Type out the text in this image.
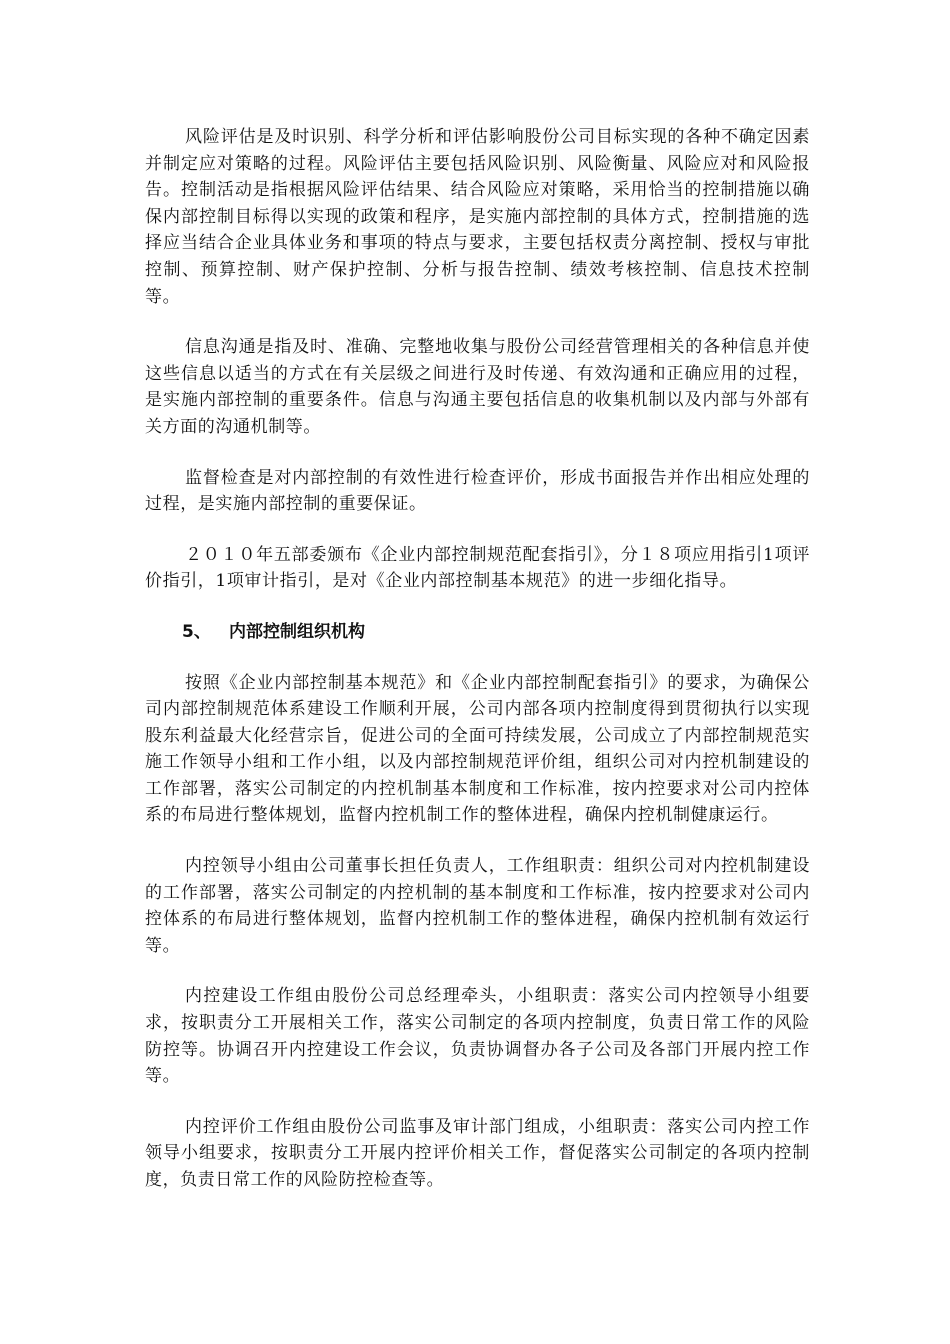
风险评估是及时识别、科学分析和评估影响股份公司目标实现的各种不确定因素并制定应对策略的过程。风险评估主要包括风险识别、风险衡量、风险应对和风险报告。控制活动是指根据风险评估结果、结合风险应对策略，采用恰当的控制措施以确保内部控制目标得以实现的政策和程序，是实施内部控制的具体方式，控制措施的选择应当结合企业具体业务和事项的特点与要求，主要包括权责分离控制、授权与审批控制、预算控制、财产保护控制、分析与报告控制、绩效考核控制、信息技术控制等。

信息沟通是指及时、准确、完整地收集与股份公司经营管理相关的各种信息并使这些信息以适当的方式在有关层级之间进行及时传递、有效沟通和正确应用的过程，是实施内部控制的重要条件。信息与沟通主要包括信息的收集机制以及内部与外部有关方面的沟通机制等。

监督检查是对内部控制的有效性进行检查评价，形成书面报告并作出相应处理的过程，是实施内部控制的重要保证。

２０１０年五部委颁布《企业内部控制规范配套指引》，分１８项应用指引1项评价指引，1项审计指引，是对《企业内部控制基本规范》的进一步细化指导。

5、 内部控制组织机构

按照《企业内部控制基本规范》和《企业内部控制配套指引》的要求，为确保公司内部控制规范体系建设工作顺利开展，公司内部各项内控制度得到贯彻执行以实现股东利益最大化经营宗旨，促进公司的全面可持续发展，公司成立了内部控制规范实施工作领导小组和工作小组，以及内部控制规范评价组，组织公司对内控机制建设的工作部署，落实公司制定的内控机制基本制度和工作标准，按内控要求对公司内控体系的布局进行整体规划，监督内控机制工作的整体进程，确保内控机制健康运行。

内控领导小组由公司董事长担任负责人，工作组职责：组织公司对内控机制建设的工作部署，落实公司制定的内控机制的基本制度和工作标准，按内控要求对公司内控体系的布局进行整体规划，监督内控机制工作的整体进程，确保内控机制有效运行等。

内控建设工作组由股份公司总经理牵头，小组职责：落实公司内控领导小组要求，按职责分工开展相关工作，落实公司制定的各项内控制度，负责日常工作的风险防控等。协调召开内控建设工作会议，负责协调督办各子公司及各部门开展内控工作等。

内控评价工作组由股份公司监事及审计部门组成，小组职责：落实公司内控工作领导小组要求，按职责分工开展内控评价相关工作，督促落实公司制定的各项内控制度，负责日常工作的风险防控检查等。
